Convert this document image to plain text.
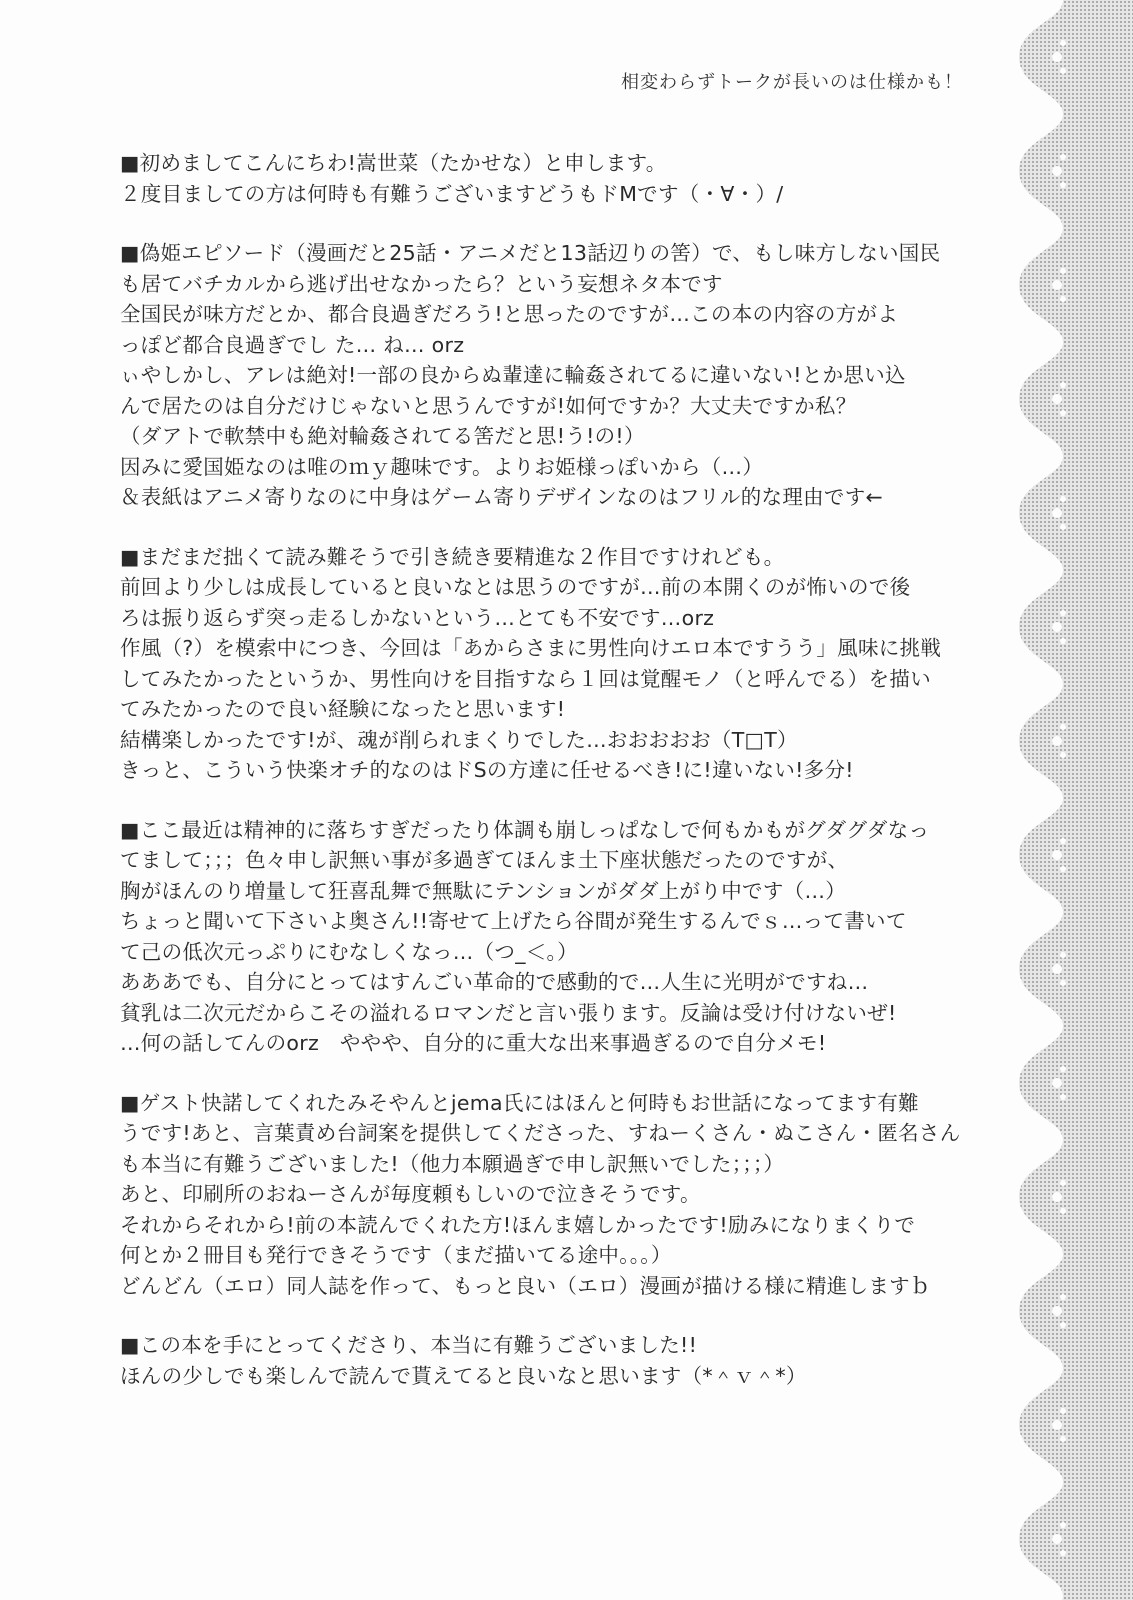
相変わらずトークが長いのは仕様かも！
■初めましてこんにちわ!嵩世菜（たかせな）と申します。
２度目ましての方は何時も有難うございますどうもドMです（・∀・）/
■偽姫エピソード（漫画だと25話・アニメだと13話辺りの筈）で、もし味方しない国民
も居てバチカルから逃げ出せなかったら？という妄想ネタ本です
全国民が味方だとか、都合良過ぎだろう!と思ったのですが…この本の内容の方がよ
っぽど都合良過ぎでし た… ね… orz
ぃやしかし、アレは絶対!一部の良からぬ輩達に輪姦されてるに違いない!とか思い込
んで居たのは自分だけじゃないと思うんですが!如何ですか？大丈夫ですか私？
（ダアトで軟禁中も絶対輪姦されてる筈だと思!う!の!）
因みに愛国姫なのは唯のｍｙ趣味です。よりお姫様っぽいから（…）
＆表紙はアニメ寄りなのに中身はゲーム寄りデザインなのはフリル的な理由です←
■まだまだ拙くて読み難そうで引き続き要精進な２作目ですけれども。
前回より少しは成長していると良いなとは思うのですが…前の本開くのが怖いので後
ろは振り返らず突っ走るしかないという…とても不安です…orz
作風（?）を模索中につき、今回は「あからさまに男性向けエロ本ですうう」風味に挑戦
してみたかったというか、男性向けを目指すなら１回は覚醒モノ（と呼んでる）を描い
てみたかったので良い経験になったと思います!
結構楽しかったです!が、魂が削られまくりでした…おおおおお（T□T）
きっと、こういう快楽オチ的なのはドSの方達に任せるべき!に!違いない!多分!
■ここ最近は精神的に落ちすぎだったり体調も崩しっぱなしで何もかもがグダグダなっ
てまして；；；色々申し訳無い事が多過ぎてほんま土下座状態だったのですが、
胸がほんのり増量して狂喜乱舞で無駄にテンションがダダ上がり中です（…）
ちょっと聞いて下さいよ奥さん!!寄せて上げたら谷間が発生するんでｓ…って書いて
て己の低次元っぷりにむなしくなっ…（つ_＜。）
あああでも、自分にとってはすんごい革命的で感動的で…人生に光明がですね…
貧乳は二次元だからこその溢れるロマンだと言い張ります。反論は受け付けないぜ!
…何の話してんのorz　ややや、自分的に重大な出来事過ぎるので自分メモ!
■ゲスト快諾してくれたみそやんとjema氏にはほんと何時もお世話になってます有難
うです!あと、言葉責め台詞案を提供してくださった、すねーくさん・ぬこさん・匿名さん
も本当に有難うございました!（他力本願過ぎで申し訳無いでした；；；）
あと、印刷所のおねーさんが毎度頼もしいので泣きそうです。
それからそれから!前の本読んでくれた方!ほんま嬉しかったです!励みになりまくりで
何とか２冊目も発行できそうです（まだ描いてる途中。。。）
どんどん（エロ）同人誌を作って、もっと良い（エロ）漫画が描ける様に精進しますｂ
■この本を手にとってくださり、本当に有難うございました!!
ほんの少しでも楽しんで読んで貰えてると良いなと思います（*＾ｖ＾*）
